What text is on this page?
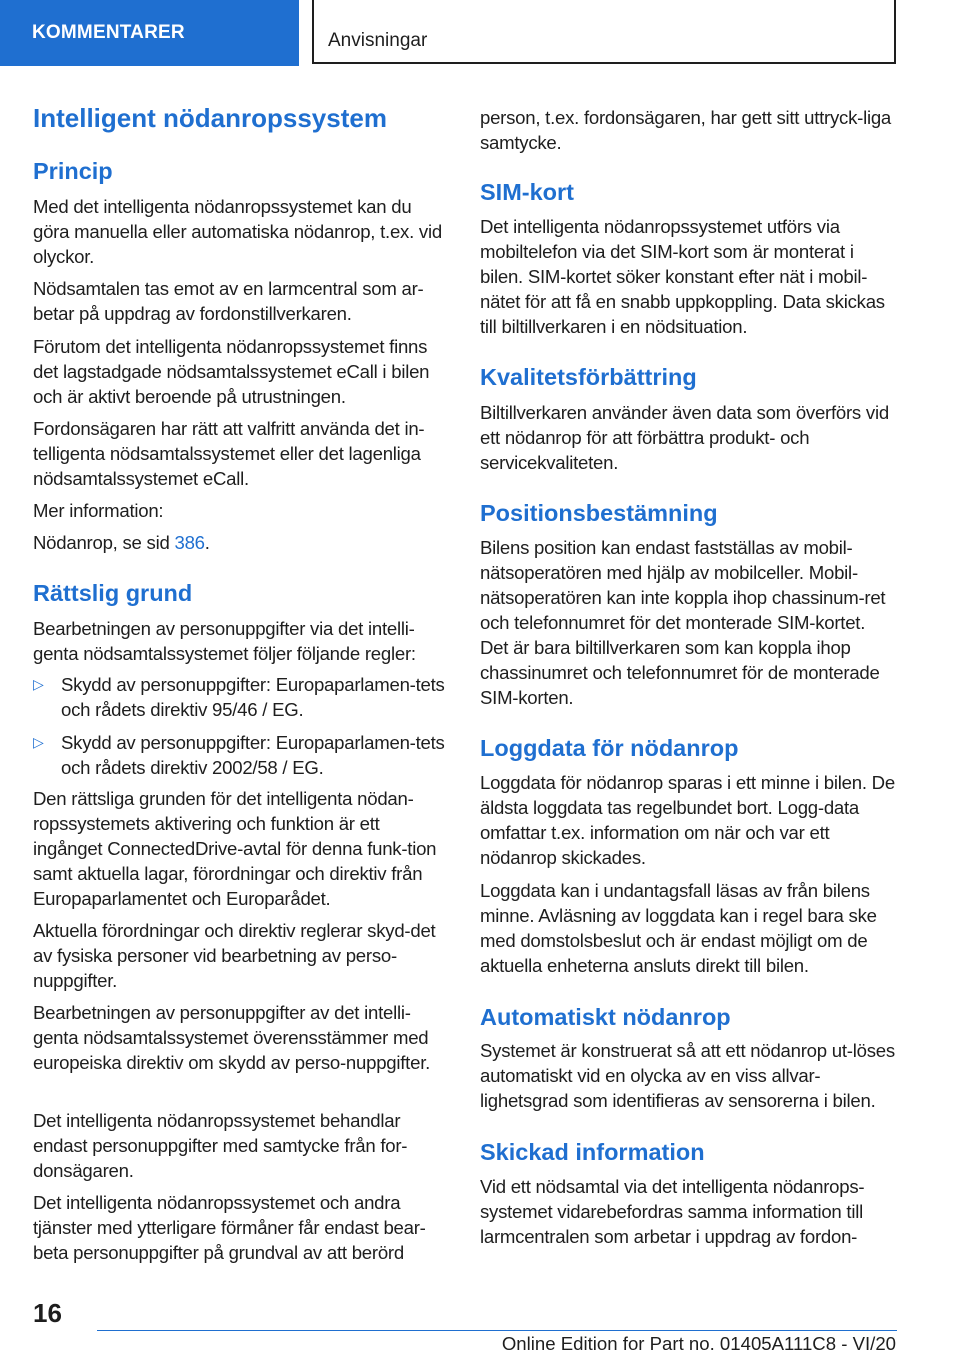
KOMMENTARER	Anvisningar
Intelligent nödanropssystem
Princip

Med det intelligenta nödanropssystemet kan du göra manuella eller automatiska nödanrop, t.ex. vid olyckor.

Nödsamtalen tas emot av en larmcentral som ar-betar på uppdrag av fordonstillverkaren.

Förutom det intelligenta nödanropssystemet finns det lagstadgade nödsamtalssystemet eCall i bilen och är aktivt beroende på utrustningen.

Fordonsägaren har rätt att valfritt använda det in-telligenta nödsamtalssystemet eller det lagenliga nödsamtalssystemet eCall.

Mer information:

Nödanrop, se sid 386.

Rättslig grund

Bearbetningen av personuppgifter via det intelli-genta nödsamtalssystemet följer följande regler:

▷ Skydd av personuppgifter: Europaparlamen-tets och rådets direktiv 95/46 / EG.
▷ Skydd av personuppgifter: Europaparlamen-tets och rådets direktiv 2002/58 / EG.

Den rättsliga grunden för det intelligenta nödan-ropssystemets aktivering och funktion är ett ingånget ConnectedDrive-avtal för denna funk-tion samt aktuella lagar, förordningar och direktiv från Europaparlamentet och Europarådet.

Aktuella förordningar och direktiv reglerar skyd-det av fysiska personer vid bearbetning av perso-nuppgifter.

Bearbetningen av personuppgifter av det intelli-genta nödsamtalssystemet överensstämmer med europeiska direktiv om skydd av perso-nuppgifter.

Det intelligenta nödanropssystemet behandlar endast personuppgifter med samtycke från for-donsägaren.

Det intelligenta nödanropssystemet och andra tjänster med ytterligare förmåner får endast bear-beta personuppgifter på grundval av att berörd

person, t.ex. fordonsägaren, har gett sitt uttryck-liga samtycke.

SIM-kort

Det intelligenta nödanropssystemet utförs via mobiltelefon via det SIM-kort som är monterat i bilen. SIM-kortet söker konstant efter nät i mobil-nätet för att få en snabb uppkoppling. Data skickas till biltillverkaren i en nödsituation.

Kvalitetsförbättring

Biltillverkaren använder även data som överförs vid ett nödanrop för att förbättra produkt- och servicekvaliteten.

Positionsbestämning

Bilens position kan endast fastställas av mobil-nätsoperatören med hjälp av mobilceller. Mobil-nätsoperatören kan inte koppla ihop chassinum-ret och telefonnumret för det monterade SIM-kortet. Det är bara biltillverkaren som kan koppla ihop chassinumret och telefonnumret för de monterade SIM-korten.

Loggdata för nödanrop

Loggdata för nödanrop sparas i ett minne i bilen. De äldsta loggdata tas regelbundet bort. Logg-data omfattar t.ex. information om när och var ett nödanrop skickades.

Loggdata kan i undantagsfall läsas av från bilens minne. Avläsning av loggdata kan i regel bara ske med domstolsbeslut och är endast möjligt om de aktuella enheterna ansluts direkt till bilen.

Automatiskt nödanrop

Systemet är konstruerat så att ett nödanrop ut-löses automatiskt vid en olycka av en viss allvar-lighetsgrad som identifieras av sensorerna i bilen.

Skickad information

Vid ett nödsamtal via det intelligenta nödanrops-systemet vidarebefordras samma information till larmcentralen som arbetar i uppdrag av fordon-

16
Online Edition for Part no. 01405A111C8 - VI/20
